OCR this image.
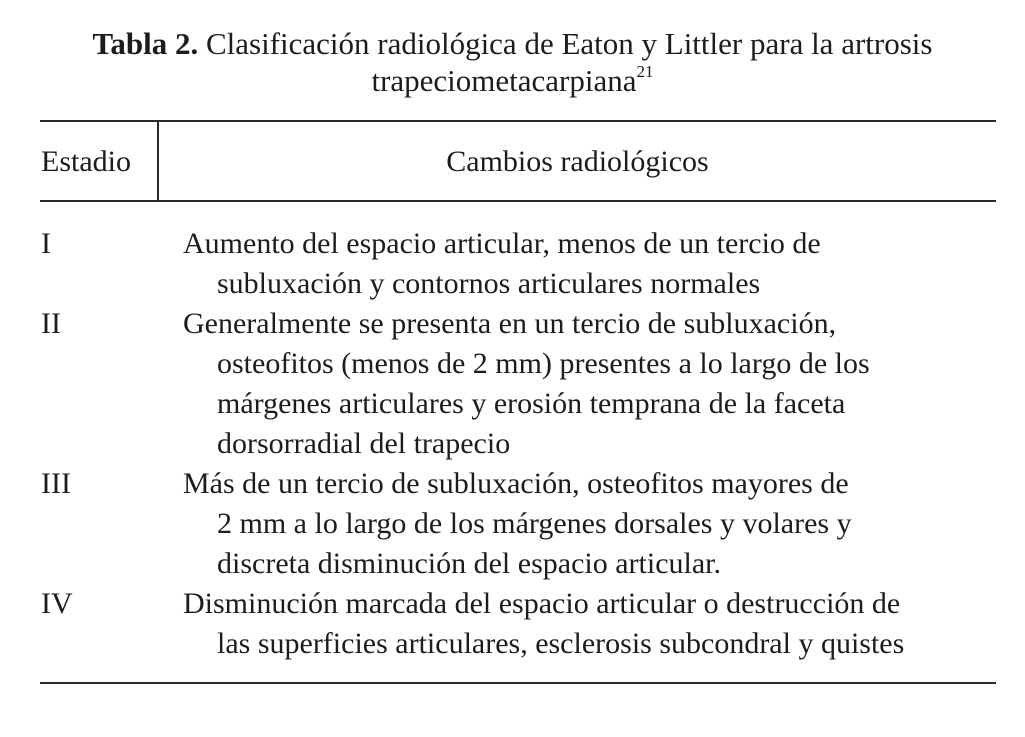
Tabla 2. Clasificación radiológica de Eaton y Littler para la artrosis
trapeciometacarpiana$^{21}$
Estadio	Cambios radiológicos
I	Aumento del espacio articular, menos de un tercio de
subluxación y contornos articulares normales
II	Generalmente se presenta en un tercio de subluxación,
osteofitos (menos de 2 mm) presentes a lo largo de los
márgenes articulares y erosión temprana de la faceta
dorsorradial del trapecio
III	Más de un tercio de subluxación, osteofitos mayores de
2 mm a lo largo de los márgenes dorsales y volares y
discreta disminución del espacio articular.
IV	Disminución marcada del espacio articular o destrucción de
las superficies articulares, esclerosis subcondral y quistes
